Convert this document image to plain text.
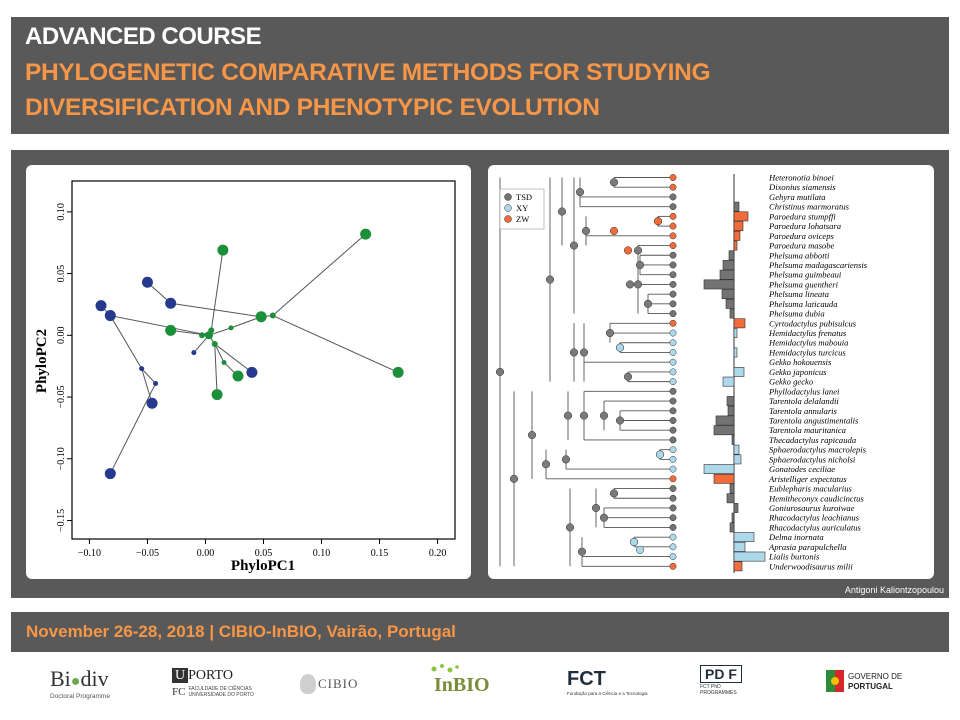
ADVANCED COURSE
PHYLOGENETIC COMPARATIVE METHODS FOR STUDYING
DIVERSIFICATION AND PHENOTYPIC EVOLUTION
−0.10	−0.05	0.00	0.05	0.10	0.15	0.20
0.10
0.05
0.00
−0.05
−0.10
−0.15
PhyloPC1
PhyloPC2
Heteronotia binoei
Dixonius siamensis
Gehyra mutilata
Christinus marmoratus
Paroedura stumpffi
Paroedura lohatsara
Paroedura oviceps
Paroedura masobe
Phelsuma abbotti
Phelsuma madagascariensis
Phelsuma guimbeaui
Phelsuma guentheri
Phelsuma lineata
Phelsuma laticauda
Phelsuma dubia
Cyrtodactylus pubisulcus
Hemidactylus frenatus
Hemidactylus mabouia
Hemidactylus turcicus
Gekko hokouensis
Gekko japonicus
Gekko gecko
Phyllodactylus lanei
Tarentola delalandii
Tarentola annularis
Tarentola angustimentalis
Tarentola mauritanica
Thecadactylus rapicauda
Sphaerodactylus macrolepis
Sphaerodactylus nicholsi
Gonatodes ceciliae
Aristelliger expectatus
Eublepharis macularius
Hemitheconyx caudicinctus
Goniurosaurus kuroiwae
Rhacodactylus leachianus
Rhacodactylus auriculatus
Delma inornata
Aprasia parapulchella
Lialis burtonis
Underwoodisaurus milii
TSD
XY
ZW
Antigoni Kaliontzopoulou
November 26-28, 2018 | CIBIO-InBIO, Vairão, Portugal
Bi●div
Doctoral Programme
U PORTO
FC FACULDADE DE CIÊNCIAS
UNIVERSIDADE DO PORTO
CIBIO	InBIO	FCT
Fundação para a Ciência e a Tecnologia
PD F
FCT PhD
PROGRAMMES
GOVERNO DE
PORTUGAL
